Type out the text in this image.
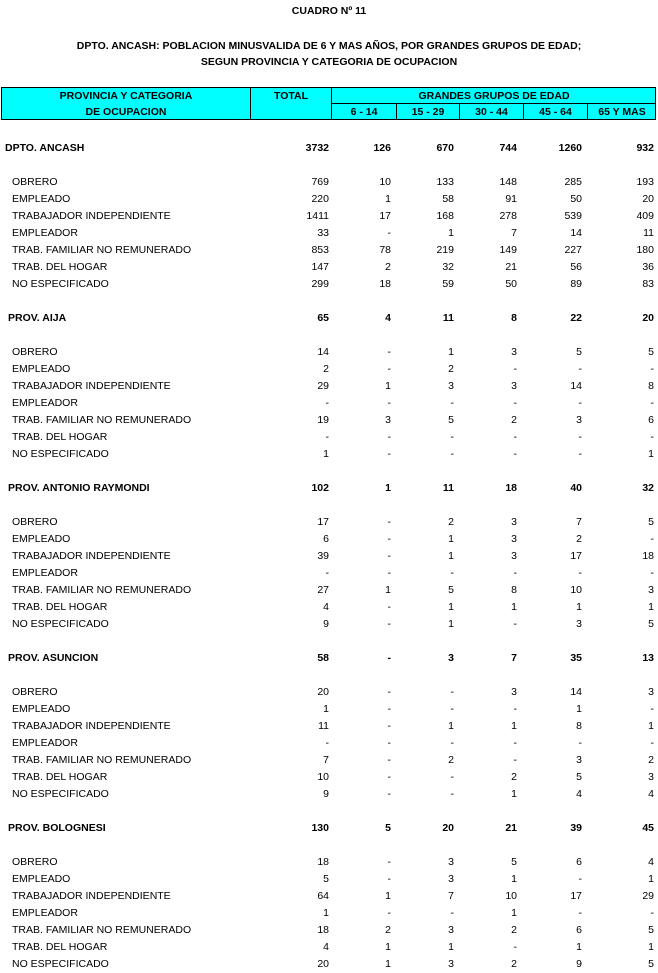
CUADRO Nº 11
DPTO. ANCASH: POBLACION MINUSVALIDA DE 6 Y MAS AÑOS, POR GRANDES GRUPOS DE EDAD;
SEGUN PROVINCIA Y CATEGORIA DE OCUPACION
PROVINCIA Y CATEGORIA
DE OCUPACION
TOTAL	GRANDES GRUPOS DE EDAD
6 - 14	15 - 29	30 - 44	45 - 64	65 Y MAS
DPTO. ANCASH	3732	126	670	744	1260	932
OBRERO	769	10	133	148	285	193
EMPLEADO	220	1	58	91	50	20
TRABAJADOR INDEPENDIENTE	1411	17	168	278	539	409
EMPLEADOR	33	-	1	7	14	11
TRAB. FAMILIAR NO REMUNERADO	853	78	219	149	227	180
TRAB. DEL HOGAR	147	2	32	21	56	36
NO ESPECIFICADO	299	18	59	50	89	83
PROV. AIJA	65	4	11	8	22	20
OBRERO	14	-	1	3	5	5
EMPLEADO	2	-	2	-	-	-
TRABAJADOR INDEPENDIENTE	29	1	3	3	14	8
EMPLEADOR	-	-	-	-	-	-
TRAB. FAMILIAR NO REMUNERADO	19	3	5	2	3	6
TRAB. DEL HOGAR	-	-	-	-	-	-
NO ESPECIFICADO	1	-	-	-	-	1
PROV. ANTONIO RAYMONDI	102	1	11	18	40	32
OBRERO	17	-	2	3	7	5
EMPLEADO	6	-	1	3	2	-
TRABAJADOR INDEPENDIENTE	39	-	1	3	17	18
EMPLEADOR	-	-	-	-	-	-
TRAB. FAMILIAR NO REMUNERADO	27	1	5	8	10	3
TRAB. DEL HOGAR	4	-	1	1	1	1
NO ESPECIFICADO	9	-	1	-	3	5
PROV. ASUNCION	58	-	3	7	35	13
OBRERO	20	-	-	3	14	3
EMPLEADO	1	-	-	-	1	-
TRABAJADOR INDEPENDIENTE	11	-	1	1	8	1
EMPLEADOR	-	-	-	-	-	-
TRAB. FAMILIAR NO REMUNERADO	7	-	2	-	3	2
TRAB. DEL HOGAR	10	-	-	2	5	3
NO ESPECIFICADO	9	-	-	1	4	4
PROV. BOLOGNESI	130	5	20	21	39	45
OBRERO	18	-	3	5	6	4
EMPLEADO	5	-	3	1	-	1
TRABAJADOR INDEPENDIENTE	64	1	7	10	17	29
EMPLEADOR	1	-	-	1	-	-
TRAB. FAMILIAR NO REMUNERADO	18	2	3	2	6	5
TRAB. DEL HOGAR	4	1	1	-	1	1
NO ESPECIFICADO	20	1	3	2	9	5
